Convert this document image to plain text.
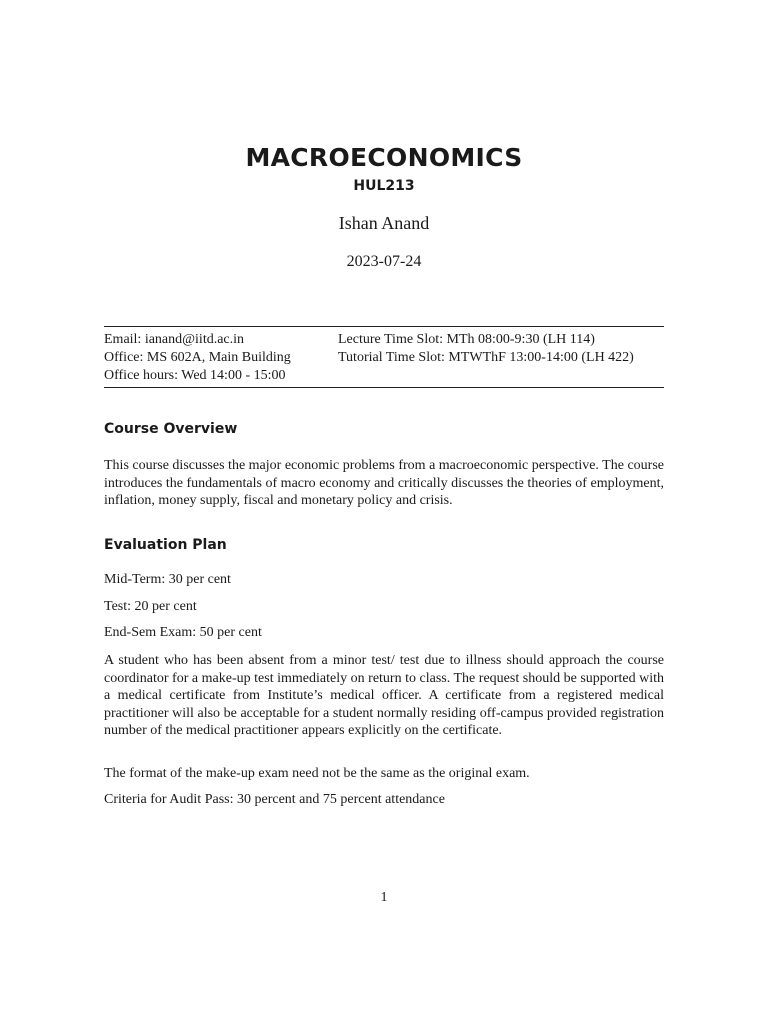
MACROECONOMICS
HUL213
Ishan Anand
2023-07-24
Email: ianand@iitd.ac.in
Office: MS 602A, Main Building
Office hours: Wed 14:00 - 15:00
Lecture Time Slot: MTh 08:00-9:30 (LH 114)
Tutorial Time Slot: MTWThF 13:00-14:00 (LH 422)
Course Overview
This course discusses the major economic problems from a macroeconomic perspective. The course introduces the fundamentals of macro economy and critically discusses the theories of employment, inflation, money supply, fiscal and monetary policy and crisis.
Evaluation Plan
Mid-Term: 30 per cent
Test: 20 per cent
End-Sem Exam: 50 per cent
A student who has been absent from a minor test/ test due to illness should approach the course coordinator for a make-up test immediately on return to class. The request should be supported with a medical certificate from Institute’s medical officer. A certificate from a registered medical practitioner will also be acceptable for a student normally residing off-campus provided registration number of the medical practitioner appears explicitly on the certificate.
The format of the make-up exam need not be the same as the original exam.
Criteria for Audit Pass: 30 percent and 75 percent attendance
1
